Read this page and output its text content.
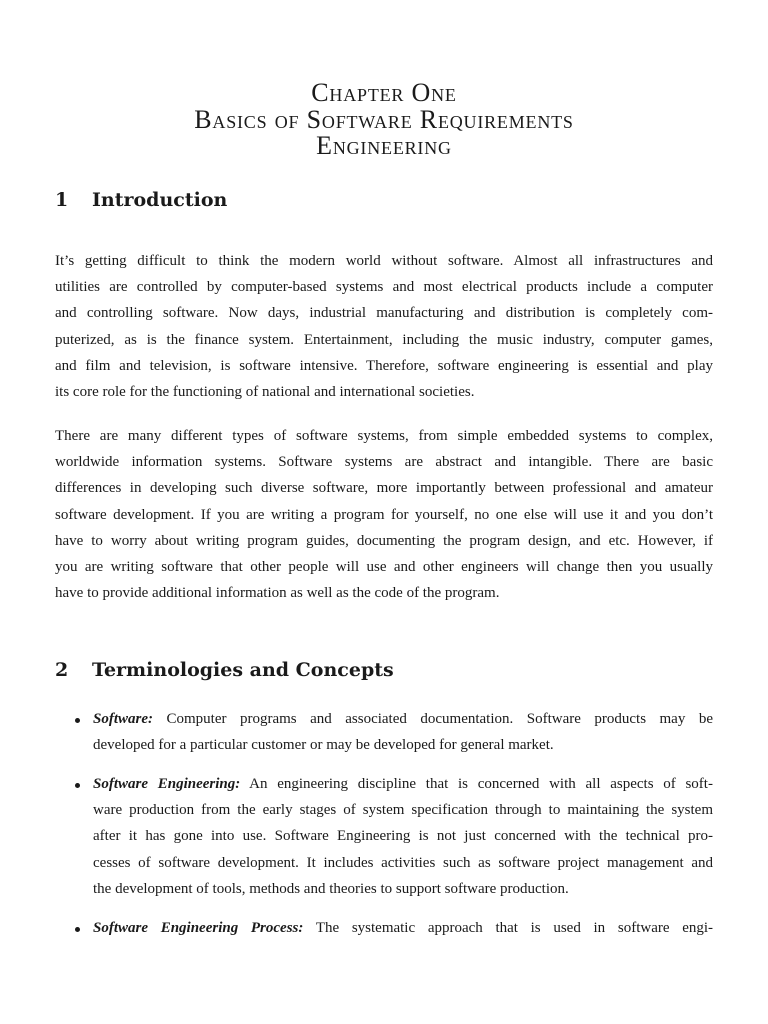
Chapter One
Basics of Software Requirements
Engineering
1 Introduction
It’s getting difficult to think the modern world without software. Almost all infrastructures and
utilities are controlled by computer-based systems and most electrical products include a computer
and controlling software. Now days, industrial manufacturing and distribution is completely com-
puterized, as is the finance system. Entertainment, including the music industry, computer games,
and film and television, is software intensive. Therefore, software engineering is essential and play
its core role for the functioning of national and international societies.
There are many different types of software systems, from simple embedded systems to complex,
worldwide information systems. Software systems are abstract and intangible. There are basic
differences in developing such diverse software, more importantly between professional and amateur
software development. If you are writing a program for yourself, no one else will use it and you don’t
have to worry about writing program guides, documenting the program design, and etc. However, if
you are writing software that other people will use and other engineers will change then you usually
have to provide additional information as well as the code of the program.
2 Terminologies and Concepts
Software: Computer programs and associated documentation. Software products may be
developed for a particular customer or may be developed for general market.
Software Engineering: An engineering discipline that is concerned with all aspects of soft-
ware production from the early stages of system specification through to maintaining the system
after it has gone into use. Software Engineering is not just concerned with the technical pro-
cesses of software development. It includes activities such as software project management and
the development of tools, methods and theories to support software production.
Software Engineering Process: The systematic approach that is used in software engi-
